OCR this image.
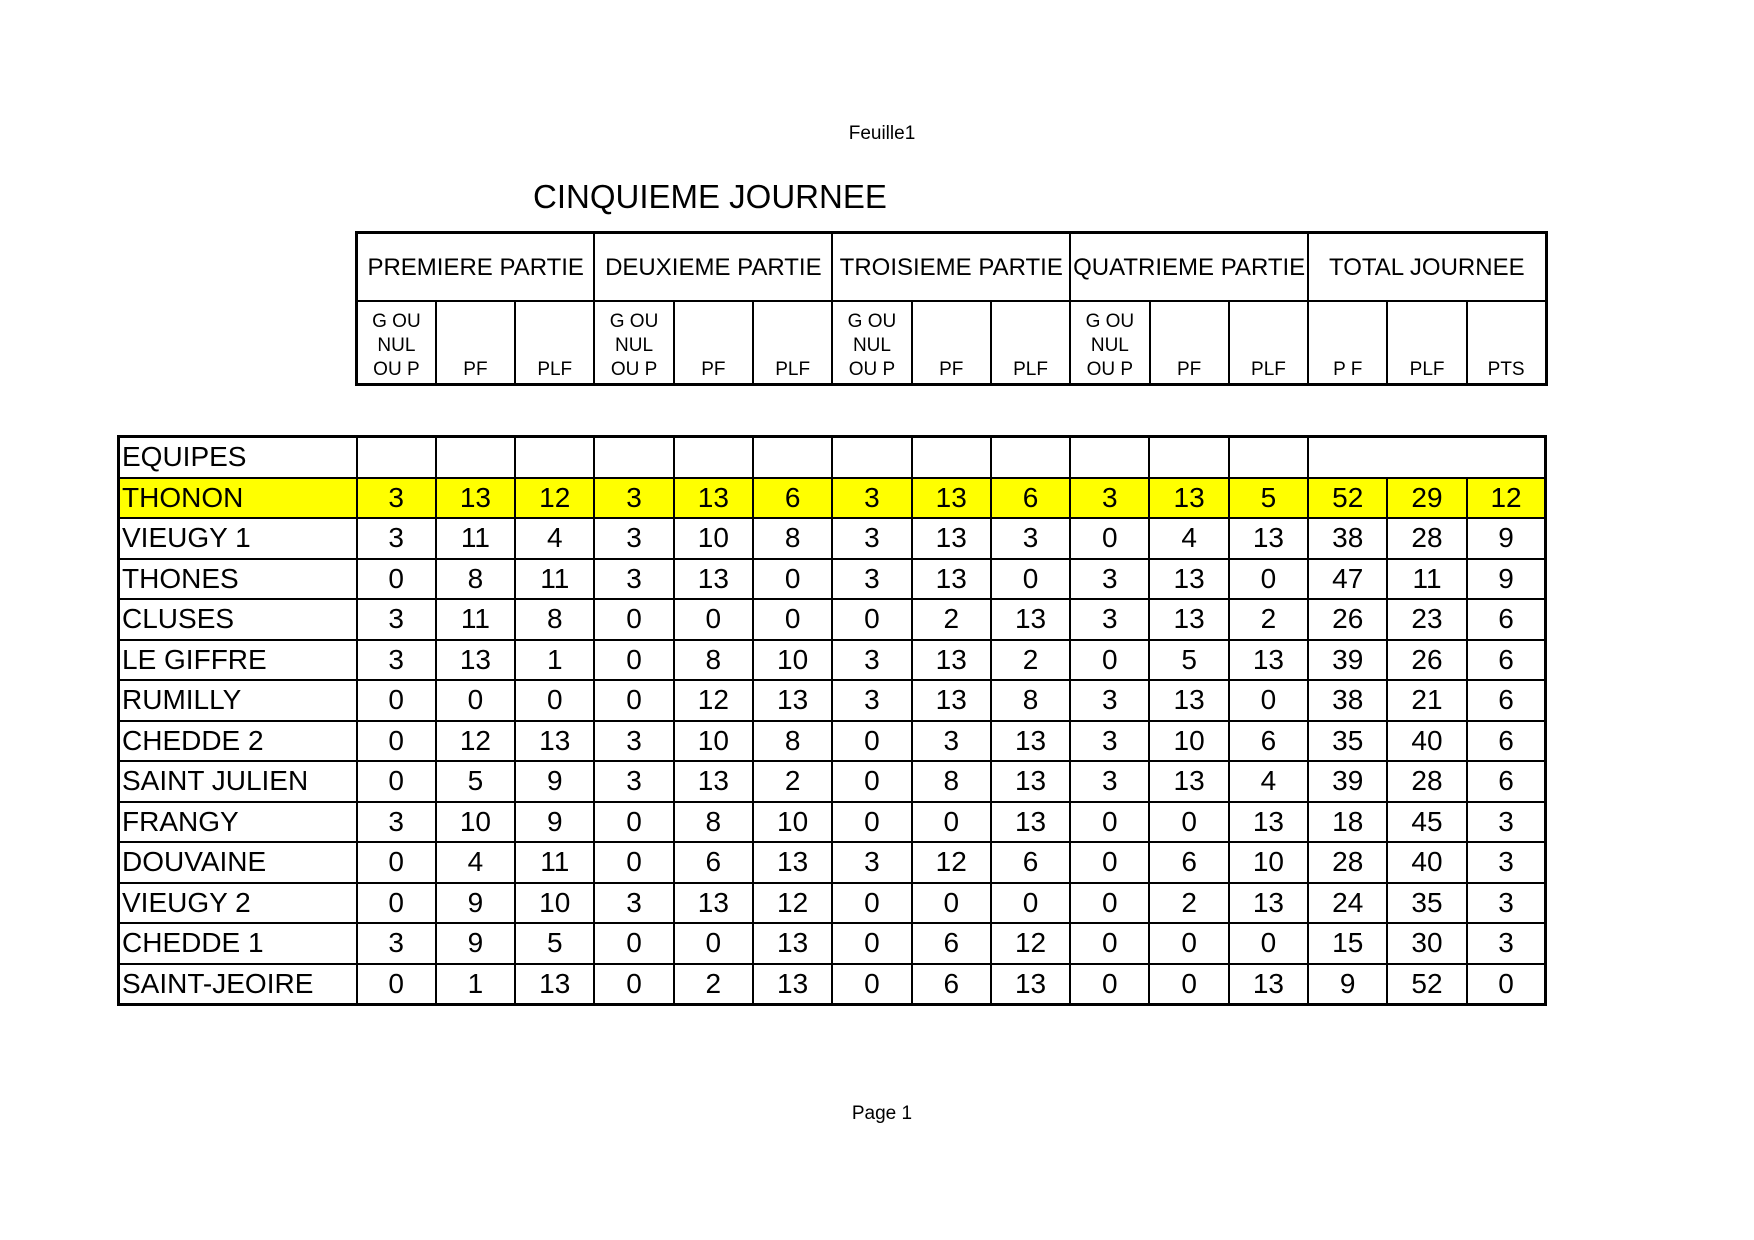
Feuille1
CINQUIEME JOURNEE
PREMIERE PARTIE			DEUXIEME PARTIE			TROISIEME PARTIE			QUATRIEME PARTIE			TOTAL JOURNEE		
G OU
NUL
OU P	PF	PLF	G OU
NUL
OU P	PF	PLF	G OU
NUL
OU P	PF	PLF	G OU
NUL
OU P	PF	PLF	P F	PLF	PTS
EQUIPES															
THONON	3	13	12	3	13	6	3	13	6	3	13	5	52	29	12
VIEUGY 1	3	11	4	3	10	8	3	13	3	0	4	13	38	28	9
THONES	0	8	11	3	13	0	3	13	0	3	13	0	47	11	9
CLUSES	3	11	8	0	0	0	0	2	13	3	13	2	26	23	6
LE GIFFRE	3	13	1	0	8	10	3	13	2	0	5	13	39	26	6
RUMILLY	0	0	0	0	12	13	3	13	8	3	13	0	38	21	6
CHEDDE 2	0	12	13	3	10	8	0	3	13	3	10	6	35	40	6
SAINT JULIEN	0	5	9	3	13	2	0	8	13	3	13	4	39	28	6
FRANGY	3	10	9	0	8	10	0	0	13	0	0	13	18	45	3
DOUVAINE	0	4	11	0	6	13	3	12	6	0	6	10	28	40	3
VIEUGY 2	0	9	10	3	13	12	0	0	0	0	2	13	24	35	3
CHEDDE 1	3	9	5	0	0	13	0	6	12	0	0	0	15	30	3
SAINT-JEOIRE	0	1	13	0	2	13	0	6	13	0	0	13	9	52	0
Page 1
